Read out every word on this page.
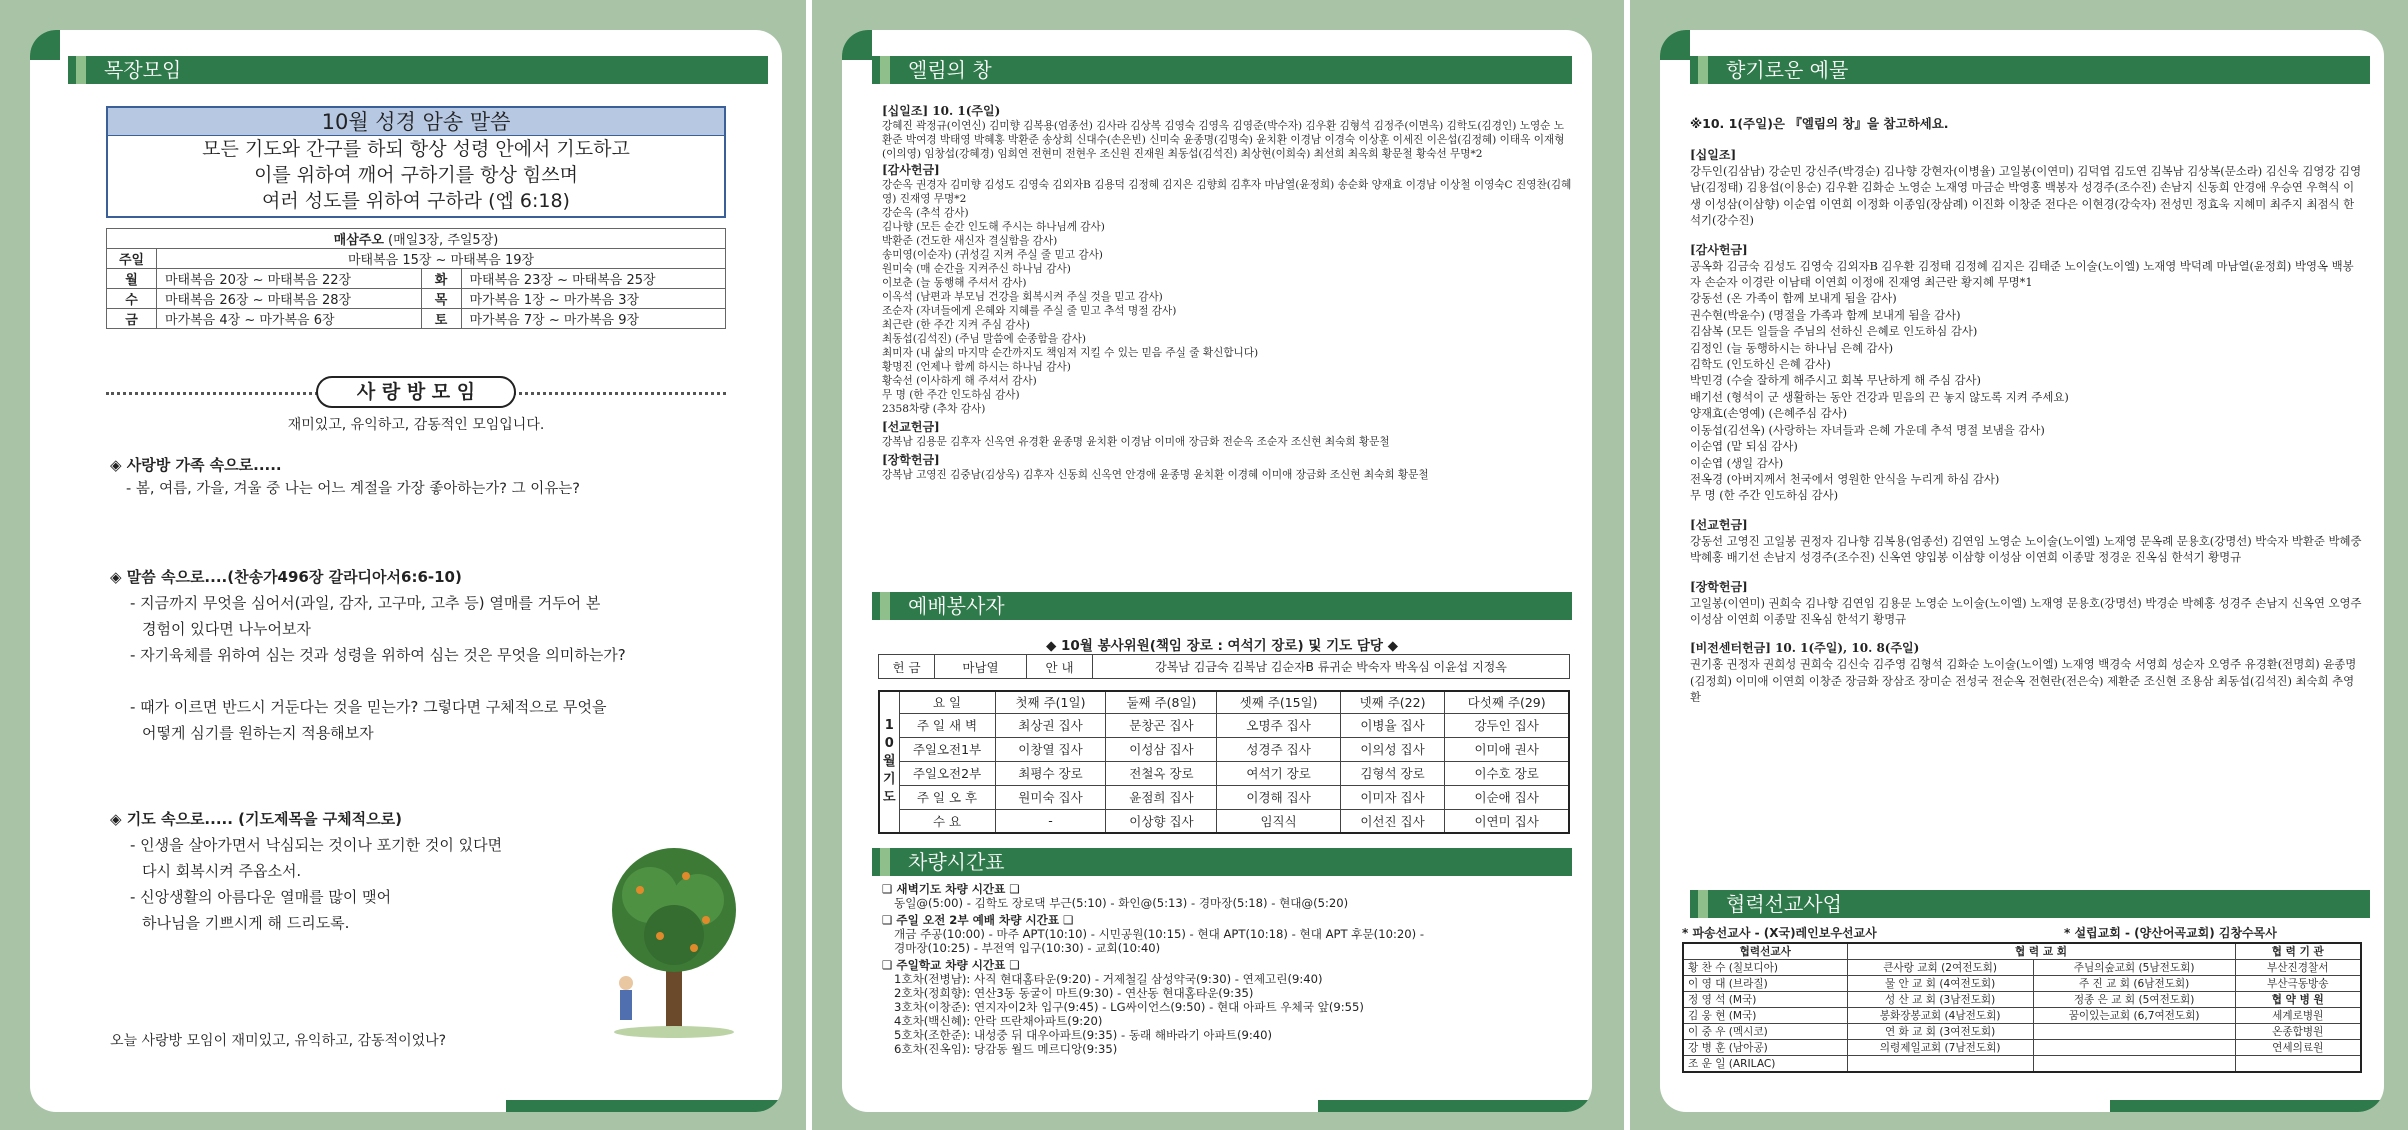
목장모임
10월 성경 암송 말씀
모든 기도와 간구를 하되 항상 성령 안에서 기도하고
이를 위하여 깨어 구하기를 항상 힘쓰며
여러 성도를 위하여 구하라 (엡 6:18)
매삼주오 (매일3장, 주일5장)			
주일	마태복음 15장 ~ 마태복음 19장		
월	마태복음 20장 ~ 마태복음 22장	화	마태복음 23장 ~ 마태복음 25장
수	마태복음 26장 ~ 마태복음 28장	목	마가복음 1장 ~ 마가복음 3장
금	마가복음 4장 ~ 마가복음 6장	토	마가복음 7장 ~ 마가복음 9장
사 랑 방 모 임
재미있고, 유익하고, 감동적인 모임입니다.
◈ 사랑방 가족 속으로.....
- 봄, 여름, 가을, 겨울 중 나는 어느 계절을 가장 좋아하는가? 그 이유는?
◈ 말씀 속으로....(찬송가496장 갈라디아서6:6-10)
- 지금까지 무엇을 심어서(과일, 감자, 고구마, 고추 등) 열매를 거두어 본
경험이 있다면 나누어보자
- 자기육체를 위하여 심는 것과 성령을 위하여 심는 것은 무엇을 의미하는가?
- 때가 이르면 반드시 거둔다는 것을 믿는가? 그렇다면 구체적으로 무엇을
어떻게 심기를 원하는지 적용해보자
◈ 기도 속으로..... (기도제목을 구체적으로)
- 인생을 살아가면서 낙심되는 것이나 포기한 것이 있다면
다시 회복시켜 주옵소서.
- 신앙생활의 아름다운 열매를 많이 맺어
하나님을 기쁘시게 해 드리도록.
오늘 사랑방 모임이 재미있고, 유익하고, 감동적이었나?
엘림의 창
[십일조] 10. 1(주일)
강혜진 곽정규(이연신) 김미향 김복용(엄종선) 김사라 김상복 김영숙 김영옥 김영준(박수자) 김우환 김형석 김정주(이면옥) 김학도(김경인) 노영순 노환준 박여경 박태영 박혜홍 박환준 송상희 신대수(손은빈) 신미숙 윤종명(김명숙) 윤치환 이경남 이경숙 이상훈 이세진 이은섭(김정혜) 이태옥 이재형(이의영) 임창섭(강혜경) 임희연 전현미 전현우 조신원 진재원 최동섭(김석진) 최상현(이희숙) 최선희 최옥희 황문철 황숙선 무명*2
[감사헌금]
강순옥 권경자 김미향 김성도 김영숙 김외자B 김용덕 김정혜 김지은 김향희 김후자 마남열(윤정희) 송순화 양재효 이경남 이상철 이영숙C 진영찬(김혜영) 진재영 무명*2
강순옥 (추석 감사)
김나향 (모든 순간 인도해 주시는 하나님께 감사)
박환준 (건도한 새신자 결실함을 감사)
송미영(이순자) (귀성길 지켜 주실 줄 믿고 감사)
원미숙 (매 순간을 지켜주신 하나님 감사)
이보춘 (늘 동행해 주셔서 감사)
이옥석 (남편과 부모님 건강을 회복시켜 주실 것을 믿고 감사)
조순자 (자녀들에게 은혜와 지혜를 주실 줄 믿고 추석 명절 감사)
최근란 (한 주간 지켜 주심 감사)
최동섭(김석진) (주님 말씀에 순종함을 감사)
최미자 (내 삶의 마지막 순간까지도 책임져 지킬 수 있는 믿음 주실 줄 확신합니다)
황명진 (언제나 함께 하시는 하나님 감사)
황숙선 (이사하게 해 주셔서 감사)
무 명 (한 주간 인도하심 감사)
2358차량 (추차 감사)
[선교헌금]
강복남 김용문 김후자 신옥연 유경환 윤종명 윤치환 이경남 이미애 장금화 전순옥 조순자 조신현 최숙희 황문철
[장학헌금]
강복남 고영진 김중남(김상옥) 김후자 신동희 신옥연 안경애 윤종명 윤치환 이경혜 이미애 장금화 조신현 최숙희 황문철
예배봉사자
◆ 10월 봉사위원(책임 장로 : 여석기 장로) 및 기도 담당 ◆
헌 금	마남열	안 내	강복남 김금숙 김복남 김순자B 류귀순 박숙자 박옥심 이윤섭 지정옥
10월기도	요 일	첫째 주(1일)	둘째 주(8일)	셋째 주(15일)	넷째 주(22)	다섯째 주(29)
	주 일 새 벽	최상권 집사	문창곤 집사	오명주 집사	이병율 집사	강두인 집사
	주일오전1부	이창열 집사	이성삼 집사	성경주 집사	이의성 집사	이미애 권사
	주일오전2부	최평수 장로	전철옥 장로	여석기 장로	김형석 장로	이수호 장로
	주 일 오 후	원미숙 집사	윤점희 집사	이경해 집사	이미자 집사	이순애 집사
	수 요	-	이상향 집사	임직식	이선진 집사	이연미 집사
차량시간표
❑ 새벽기도 차량 시간표 ❑
동일@(5:00) - 김학도 장로댁 부근(5:10) - 화인@(5:13) - 경마장(5:18) - 현대@(5:20)
❑ 주일 오전 2부 예배 차량 시간표 ❑
개금 주공(10:00) - 마주 APT(10:10) - 시민공원(10:15) - 현대 APT(10:18) - 현대 APT 후문(10:20) -
경마장(10:25) - 부전역 입구(10:30) - 교회(10:40)
❑ 주일학교 차량 시간표 ❑
1호차(전병남): 사직 현대홈타운(9:20) - 거제철길 삼성약국(9:30) - 연제고린(9:40)
2호차(정희향): 연산3동 동굴이 마트(9:30) - 연산동 현대홈타운(9:35)
3호차(이창준): 연지자이2차 입구(9:45) - LG싸이언스(9:50) - 현대 아파트 우체국 앞(9:55)
4호차(백신혜): 안락 뜨란채아파트(9:20)
5호차(조한준): 내성중 뒤 대우아파트(9:35) - 동래 해바라기 아파트(9:40)
6호차(진옥임): 당감동 월드 메르디앙(9:35)
향기로운 예물
※10. 1(주일)은 『엘림의 창』을 참고하세요.
[십일조]
강두인(김삼남) 강순민 강신주(박경순) 김나향 강현자(이병율) 고일봉(이연미) 김덕엽 김도연 김복남 김상복(문소라) 김신욱 김영강 김영남(김정태) 김용섭(이용순) 김우환 김화순 노영순 노재영 마금순 박영홍 백봉자 성경주(조수진) 손남지 신동희 안경애 우승연 우혁식 이 생 이성삼(이삼향) 이순엽 이연희 이정화 이종임(장삼례) 이진화 이창준 전다은 이현경(강숙자) 전성민 정효욱 지혜미 최주지 최점식 한석기(강수진)
[감사헌금]
공옥화 김금숙 김성도 김영숙 김외자B 김우환 김정태 김정혜 김지은 김태준 노이술(노이엘) 노재영 박덕례 마남열(윤정희) 박영옥 백봉자 손순자 이경란 이남태 이연희 이정애 진재영 최근란 황지혜 무명*1
강동선 (온 가족이 함께 보내게 됨을 감사)
권수현(박윤수) (명절을 가족과 함께 보내게 됨을 감사)
김삼복 (모든 일들을 주님의 선하신 은혜로 인도하심 감사)
김정인 (늘 동행하시는 하나님 은혜 감사)
김학도 (인도하신 은혜 감사)
박민경 (수술 잘하게 해주시고 회복 무난하게 해 주심 감사)
배기선 (형석이 군 생활하는 동안 건강과 믿음의 끈 놓지 않도록 지켜 주세요)
양재효(손영예) (은혜주심 감사)
이동섭(김선옥) (사랑하는 자녀들과 은혜 가운데 추석 명절 보냄을 감사)
이순엽 (맡 되심 감사)
이순엽 (생일 감사)
전옥경 (아버지께서 천국에서 영원한 안식을 누리게 하심 감사)
무 명 (한 주간 인도하심 감사)
[선교헌금]
강동선 고영진 고일봉 권정자 김나향 김복용(엄종선) 김연임 노영순 노이술(노이엘) 노재영 문옥례 문용호(강명선) 박숙자 박환준 박혜중 박혜홍 배기선 손남지 성경주(조수진) 신옥연 양입봉 이삼향 이성삼 이연희 이종말 정경운 진옥심 한석기 황명규
[장학헌금]
고일봉(이연미) 권희숙 김나향 김연임 김용문 노영순 노이술(노이엘) 노재영 문용호(강명선) 박경순 박혜홍 성경주 손남지 신옥연 오영주 이성삼 이연희 이종말 진옥심 한석기 황명규
[비전센터헌금] 10. 1(주일), 10. 8(주일)
권기홍 권정자 권희성 권희숙 김신숙 김주영 김형석 김화순 노이술(노이엘) 노재영 백경숙 서영희 성순자 오영주 유경환(전명희) 윤종명(김정희) 이미애 이연희 이창준 장금화 장삼조 장미순 전성국 전순옥 전현란(전은숙) 제환준 조신현 조용삼 최동섭(김석진) 최숙희 추영환
협력선교사업
* 파송선교사 - (X국)레인보우선교사	* 설립교회 - (양산어곡교회) 김창수목사
협력선교사	협 력 교 회		협 력 기 관
황 찬 수 (칠보디아)	큰사랑 교회 (2여전도회)	주님의숲교회 (5남전도회)	부산진경찰서
이 영 대 (브라질)	물 안 교 회 (4여전도회)	주 진 교 회 (6남전도회)	부산극동방송
정 영 석 (M국)	성 산 교 회 (3남전도회)	정종 은 교 회 (5여전도회)	협 약 병 원
김 웅 현 (M국)	봉화장봉교회 (4남전도회)	꿈이있는교회 (6,7여전도회)	세계로병원
이 중 우 (멕시코)	연 화 교 회 (3여전도회)		온종합병원
강 병 훈 (남아공)	의령제일교회 (7남전도회)		연세의료원
조 운 일 (ARILAC)			
